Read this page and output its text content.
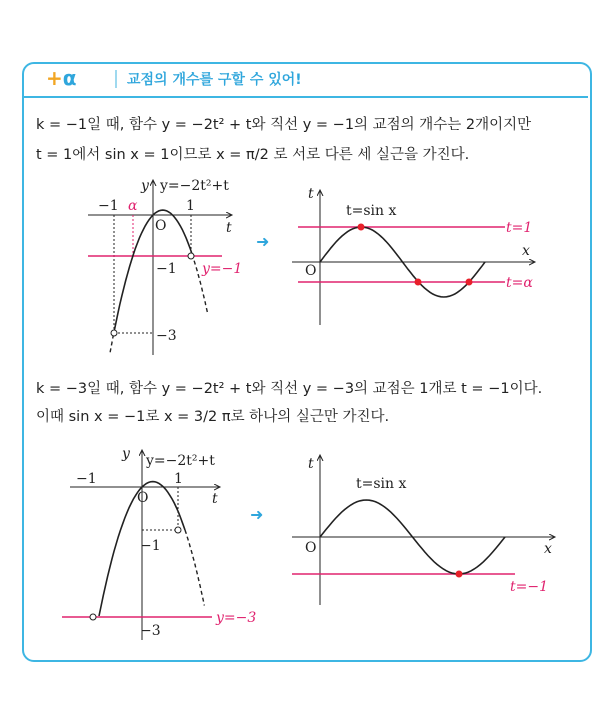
+α	교점의 개수를 구할 수 있어!
k = −1일 때, 함수 y = −2t² + t와 직선 y = −1의 교점의 개수는 2개이지만
t = 1에서 sin x = 1이므로 x = π/2 로 서로 다른 세 실근을 가진다.
k = −3일 때, 함수 y = −2t² + t와 직선 y = −3의 교점은 1개로 t = −1이다.
이때 sin x = −1로 x = 3/2 π로 하나의 실근만 가진다.
➜
➜
y=−2t²+t
y
t
O
−1 α	1
−1
−3
y=−1
t=sin x
t
x
O
t=1
t=α
y=−2t²+t
y
t
O
−1	1
−1
−3
y=−3
t=sin x
t
x
O
t=−1
